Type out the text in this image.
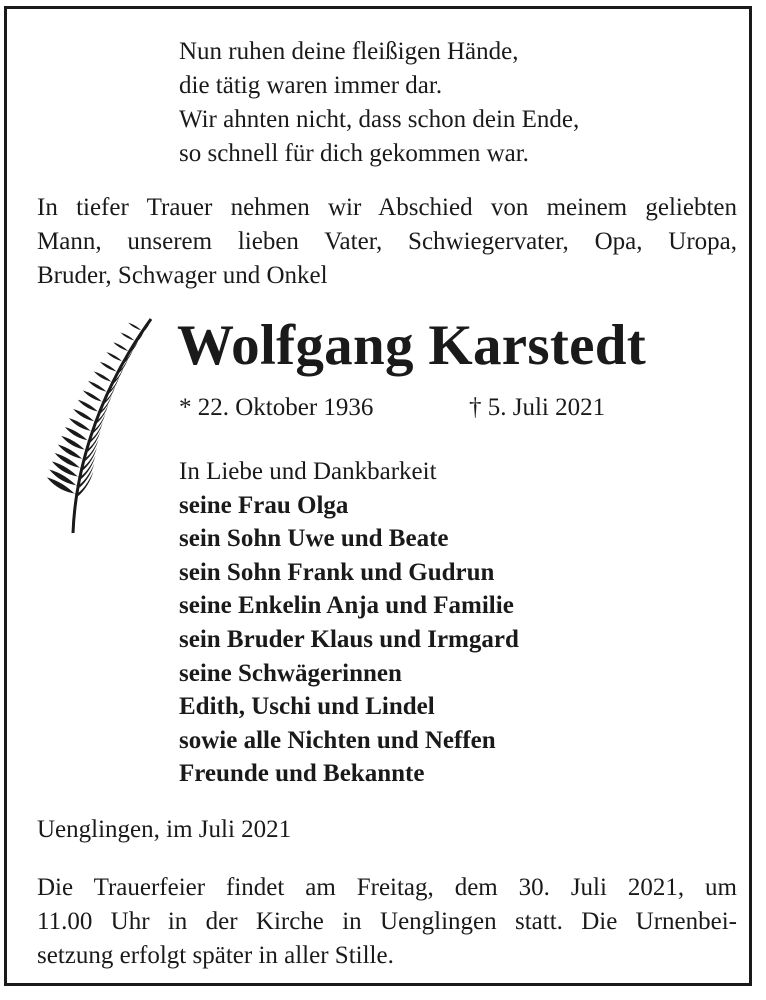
Nun ruhen deine fleißigen Hände,
die tätig waren immer dar.
Wir ahnten nicht, dass schon dein Ende,
so schnell für dich gekommen war.
In tiefer Trauer nehmen wir Abschied von meinem geliebten
Mann, unserem lieben Vater, Schwiegervater, Opa, Uropa,
Bruder, Schwager und Onkel
Wolfgang Karstedt
* 22. Oktober 1936	† 5. Juli 2021
In Liebe und Dankbarkeit
seine Frau Olga
sein Sohn Uwe und Beate
sein Sohn Frank und Gudrun
seine Enkelin Anja und Familie
sein Bruder Klaus und Irmgard
seine Schwägerinnen
Edith, Uschi und Lindel
sowie alle Nichten und Neffen
Freunde und Bekannte
Uenglingen, im Juli 2021
Die Trauerfeier findet am Freitag, dem 30. Juli 2021, um
11.00 Uhr in der Kirche in Uenglingen statt. Die Urnenbei-
setzung erfolgt später in aller Stille.
